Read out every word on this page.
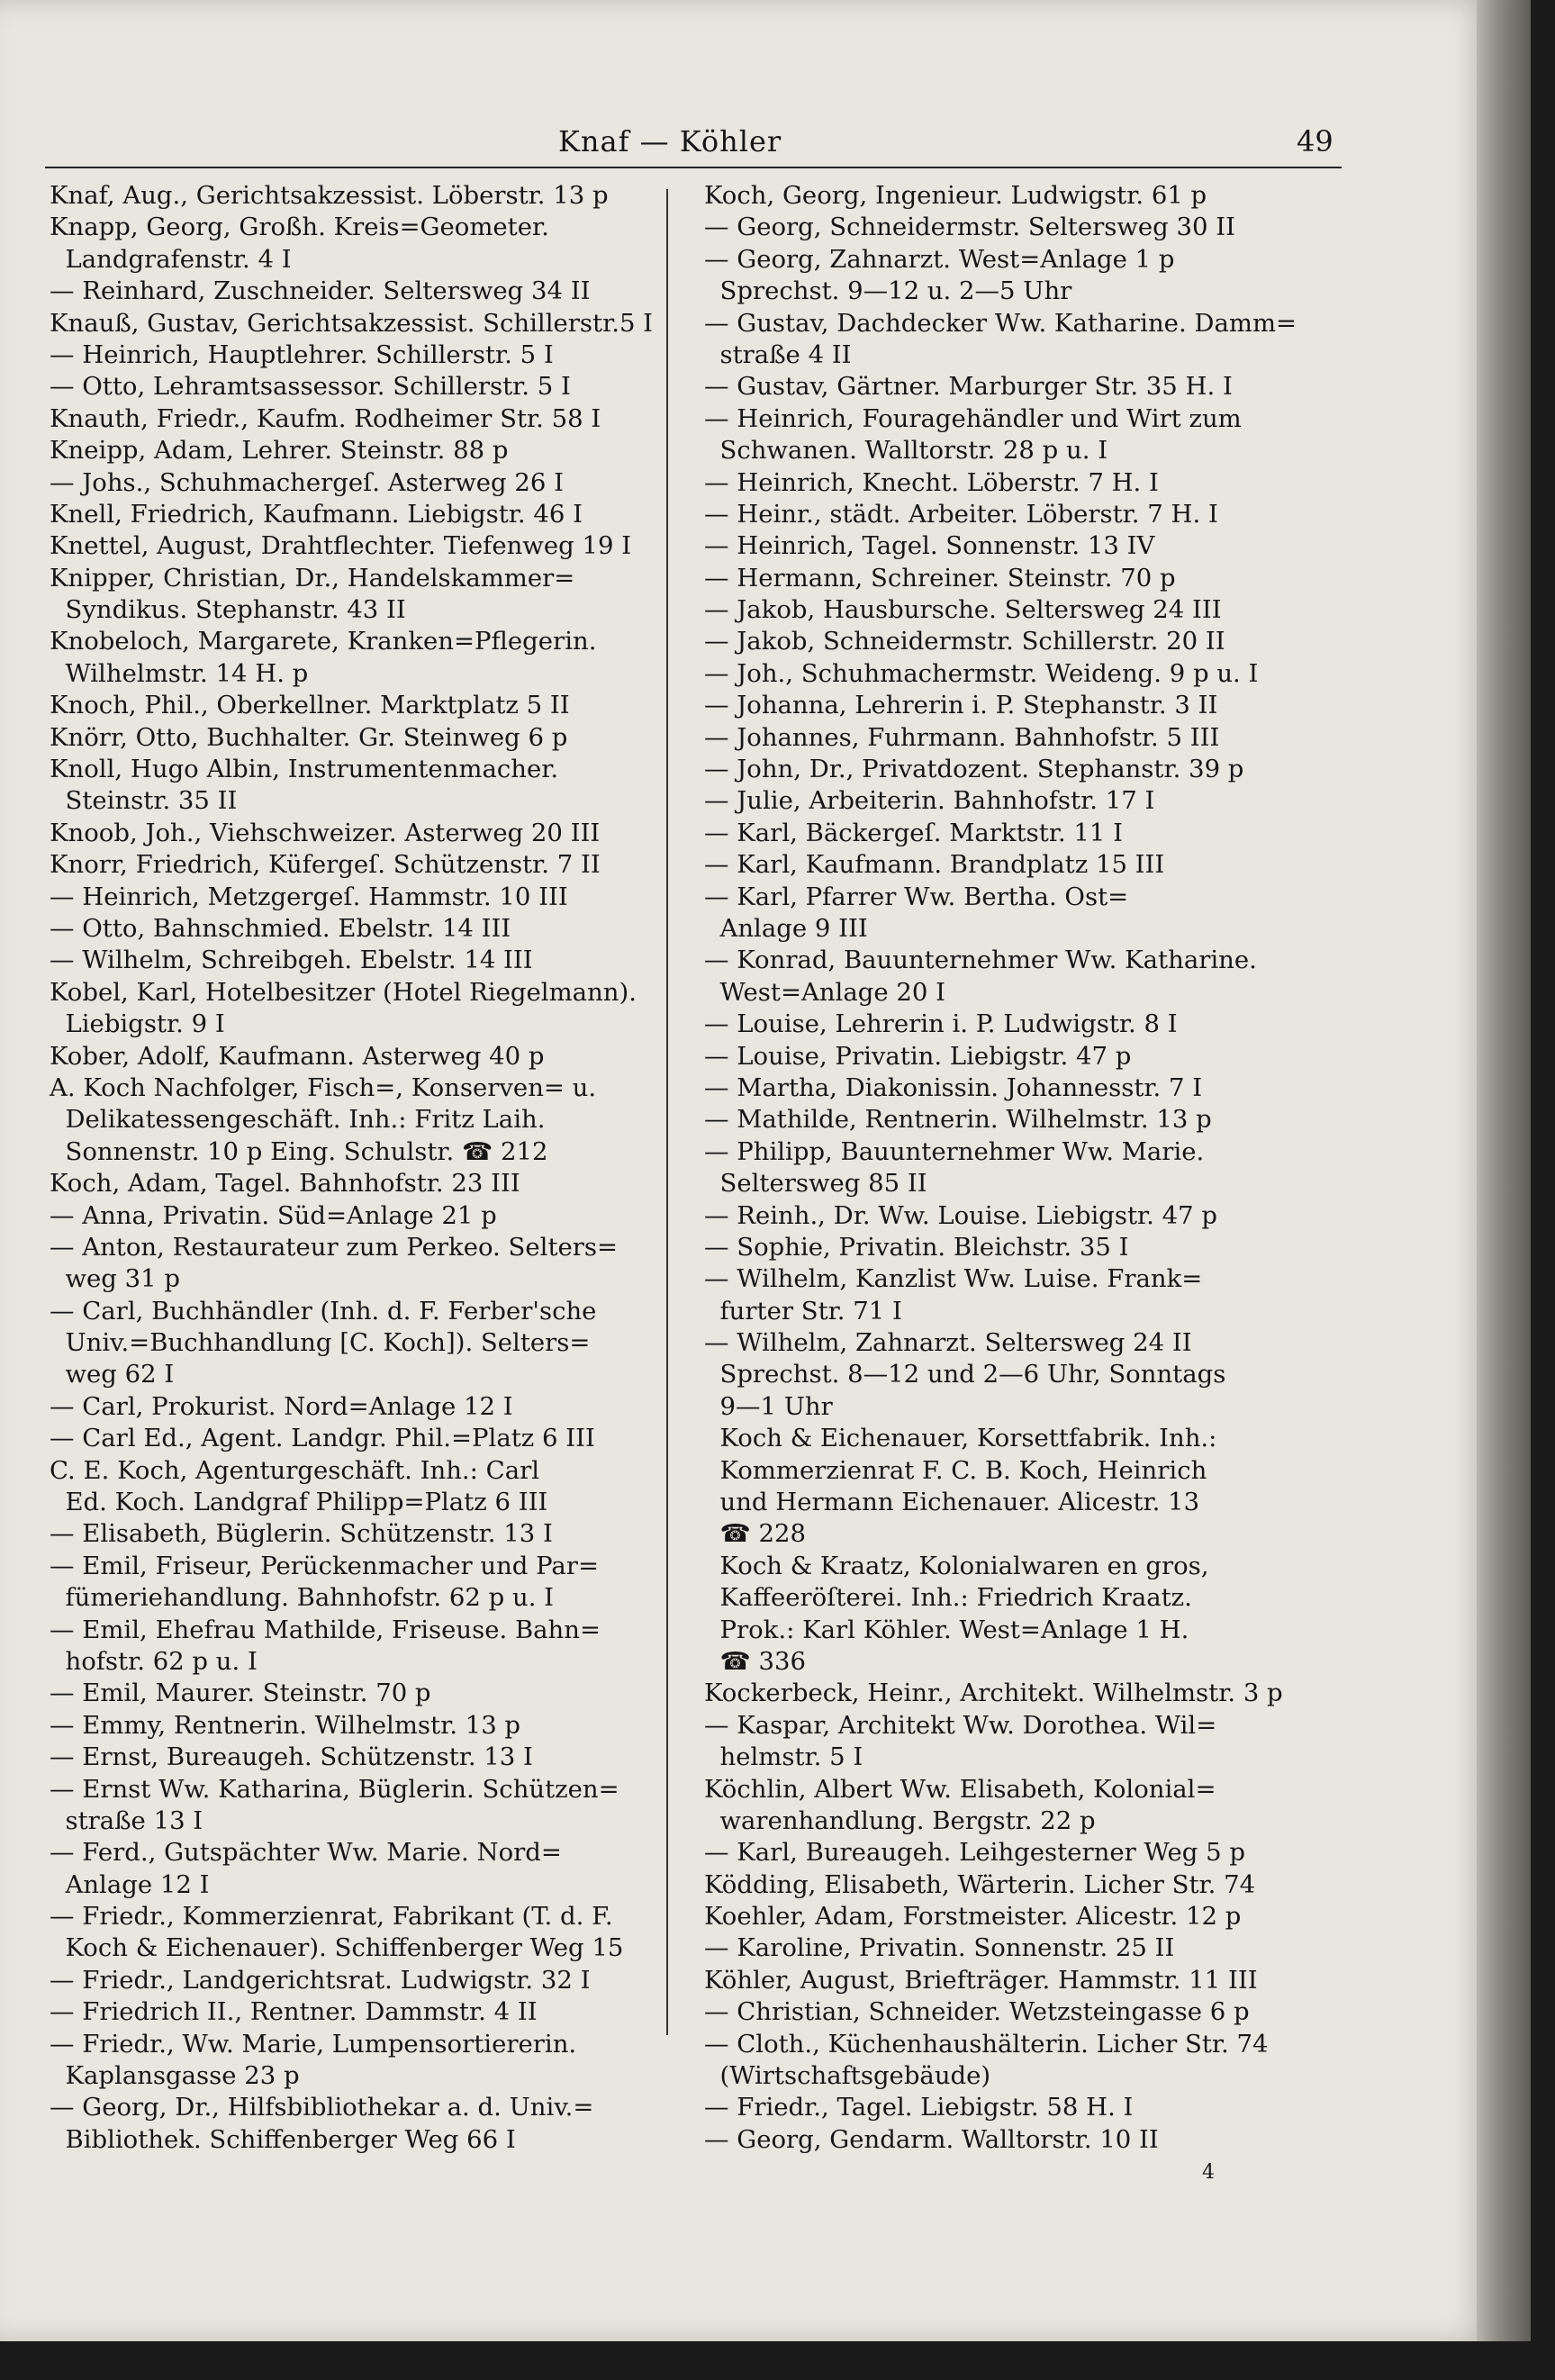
Knaf — Köhler	49
Knaf, Aug., Gerichtsakzessist. Löberstr. 13 p
Knapp, Georg, Großh. Kreis=Geometer.
Landgrafenstr. 4 I
— Reinhard, Zuschneider. Seltersweg 34 II
Knauß, Gustav, Gerichtsakzessist. Schillerstr.5 I
— Heinrich, Hauptlehrer. Schillerstr. 5 I
— Otto, Lehramtsassessor. Schillerstr. 5 I
Knauth, Friedr., Kaufm. Rodheimer Str. 58 I
Kneipp, Adam, Lehrer. Steinstr. 88 p
— Johs., Schuhmachergeſ. Asterweg 26 I
Knell, Friedrich, Kaufmann. Liebigstr. 46 I
Knettel, August, Drahtflechter. Tiefenweg 19 I
Knipper, Christian, Dr., Handelskammer=
Syndikus. Stephanstr. 43 II
Knobeloch, Margarete, Kranken=Pflegerin.
Wilhelmstr. 14 H. p
Knoch, Phil., Oberkellner. Marktplatz 5 II
Knörr, Otto, Buchhalter. Gr. Steinweg 6 p
Knoll, Hugo Albin, Instrumentenmacher.
Steinstr. 35 II
Knoob, Joh., Viehschweizer. Asterweg 20 III
Knorr, Friedrich, Küfergeſ. Schützenstr. 7 II
— Heinrich, Metzgergeſ. Hammstr. 10 III
— Otto, Bahnschmied. Ebelstr. 14 III
— Wilhelm, Schreibgeh. Ebelstr. 14 III
Kobel, Karl, Hotelbesitzer (Hotel Riegelmann).
Liebigstr. 9 I
Kober, Adolf, Kaufmann. Asterweg 40 p
A. Koch Nachfolger, Fisch=, Konserven= u.
Delikatessengeschäft. Inh.: Fritz Laih.
Sonnenstr. 10 p Eing. Schulstr. ☎ 212
Koch, Adam, Tagel. Bahnhofstr. 23 III
— Anna, Privatin. Süd=Anlage 21 p
— Anton, Restaurateur zum Perkeo. Selters=
weg 31 p
— Carl, Buchhändler (Inh. d. F. Ferber'sche
Univ.=Buchhandlung [C. Koch]). Selters=
weg 62 I
— Carl, Prokurist. Nord=Anlage 12 I
— Carl Ed., Agent. Landgr. Phil.=Platz 6 III
C. E. Koch, Agenturgeschäft. Inh.: Carl
Ed. Koch. Landgraf Philipp=Platz 6 III
— Elisabeth, Büglerin. Schützenstr. 13 I
— Emil, Friseur, Perückenmacher und Par=
fümeriehandlung. Bahnhofstr. 62 p u. I
— Emil, Ehefrau Mathilde, Friseuse. Bahn=
hofstr. 62 p u. I
— Emil, Maurer. Steinstr. 70 p
— Emmy, Rentnerin. Wilhelmstr. 13 p
— Ernst, Bureaugeh. Schützenstr. 13 I
— Ernst Ww. Katharina, Büglerin. Schützen=
straße 13 I
— Ferd., Gutspächter Ww. Marie. Nord=
Anlage 12 I
— Friedr., Kommerzienrat, Fabrikant (T. d. F.
Koch & Eichenauer). Schiffenberger Weg 15
— Friedr., Landgerichtsrat. Ludwigstr. 32 I
— Friedrich II., Rentner. Dammstr. 4 II
— Friedr., Ww. Marie, Lumpensortiererin.
Kaplansgasse 23 p
— Georg, Dr., Hilfsbibliothekar a. d. Univ.=
Bibliothek. Schiffenberger Weg 66 I
Koch, Georg, Ingenieur. Ludwigstr. 61 p
— Georg, Schneidermstr. Seltersweg 30 II
— Georg, Zahnarzt. West=Anlage 1 p
Sprechst. 9—12 u. 2—5 Uhr
— Gustav, Dachdecker Ww. Katharine. Damm=
straße 4 II
— Gustav, Gärtner. Marburger Str. 35 H. I
— Heinrich, Fouragehändler und Wirt zum
Schwanen. Walltorstr. 28 p u. I
— Heinrich, Knecht. Löberstr. 7 H. I
— Heinr., städt. Arbeiter. Löberstr. 7 H. I
— Heinrich, Tagel. Sonnenstr. 13 IV
— Hermann, Schreiner. Steinstr. 70 p
— Jakob, Hausbursche. Seltersweg 24 III
— Jakob, Schneidermstr. Schillerstr. 20 II
— Joh., Schuhmachermstr. Weideng. 9 p u. I
— Johanna, Lehrerin i. P. Stephanstr. 3 II
— Johannes, Fuhrmann. Bahnhofstr. 5 III
— John, Dr., Privatdozent. Stephanstr. 39 p
— Julie, Arbeiterin. Bahnhofstr. 17 I
— Karl, Bäckergeſ. Marktstr. 11 I
— Karl, Kaufmann. Brandplatz 15 III
— Karl, Pfarrer Ww. Bertha. Ost=
Anlage 9 III
— Konrad, Bauunternehmer Ww. Katharine.
West=Anlage 20 I
— Louise, Lehrerin i. P. Ludwigstr. 8 I
— Louise, Privatin. Liebigstr. 47 p
— Martha, Diakonissin. Johannesstr. 7 I
— Mathilde, Rentnerin. Wilhelmstr. 13 p
— Philipp, Bauunternehmer Ww. Marie.
Seltersweg 85 II
— Reinh., Dr. Ww. Louise. Liebigstr. 47 p
— Sophie, Privatin. Bleichstr. 35 I
— Wilhelm, Kanzlist Ww. Luise. Frank=
furter Str. 71 I
— Wilhelm, Zahnarzt. Seltersweg 24 II
Sprechst. 8—12 und 2—6 Uhr, Sonntags
9—1 Uhr
Koch & Eichenauer, Korsettfabrik. Inh.:
Kommerzienrat F. C. B. Koch, Heinrich
und Hermann Eichenauer. Alicestr. 13
☎ 228
Koch & Kraatz, Kolonialwaren en gros,
Kaffeeröſterei. Inh.: Friedrich Kraatz.
Prok.: Karl Köhler. West=Anlage 1 H.
☎ 336
Kockerbeck, Heinr., Architekt. Wilhelmstr. 3 p
— Kaspar, Architekt Ww. Dorothea. Wil=
helmstr. 5 I
Köchlin, Albert Ww. Elisabeth, Kolonial=
warenhandlung. Bergstr. 22 p
— Karl, Bureaugeh. Leihgesterner Weg 5 p
Ködding, Elisabeth, Wärterin. Licher Str. 74
Koehler, Adam, Forstmeister. Alicestr. 12 p
— Karoline, Privatin. Sonnenstr. 25 II
Köhler, August, Briefträger. Hammstr. 11 III
— Christian, Schneider. Wetzsteingasse 6 p
— Cloth., Küchenhaushälterin. Licher Str. 74
(Wirtschaftsgebäude)
— Friedr., Tagel. Liebigstr. 58 H. I
— Georg, Gendarm. Walltorstr. 10 II
4
